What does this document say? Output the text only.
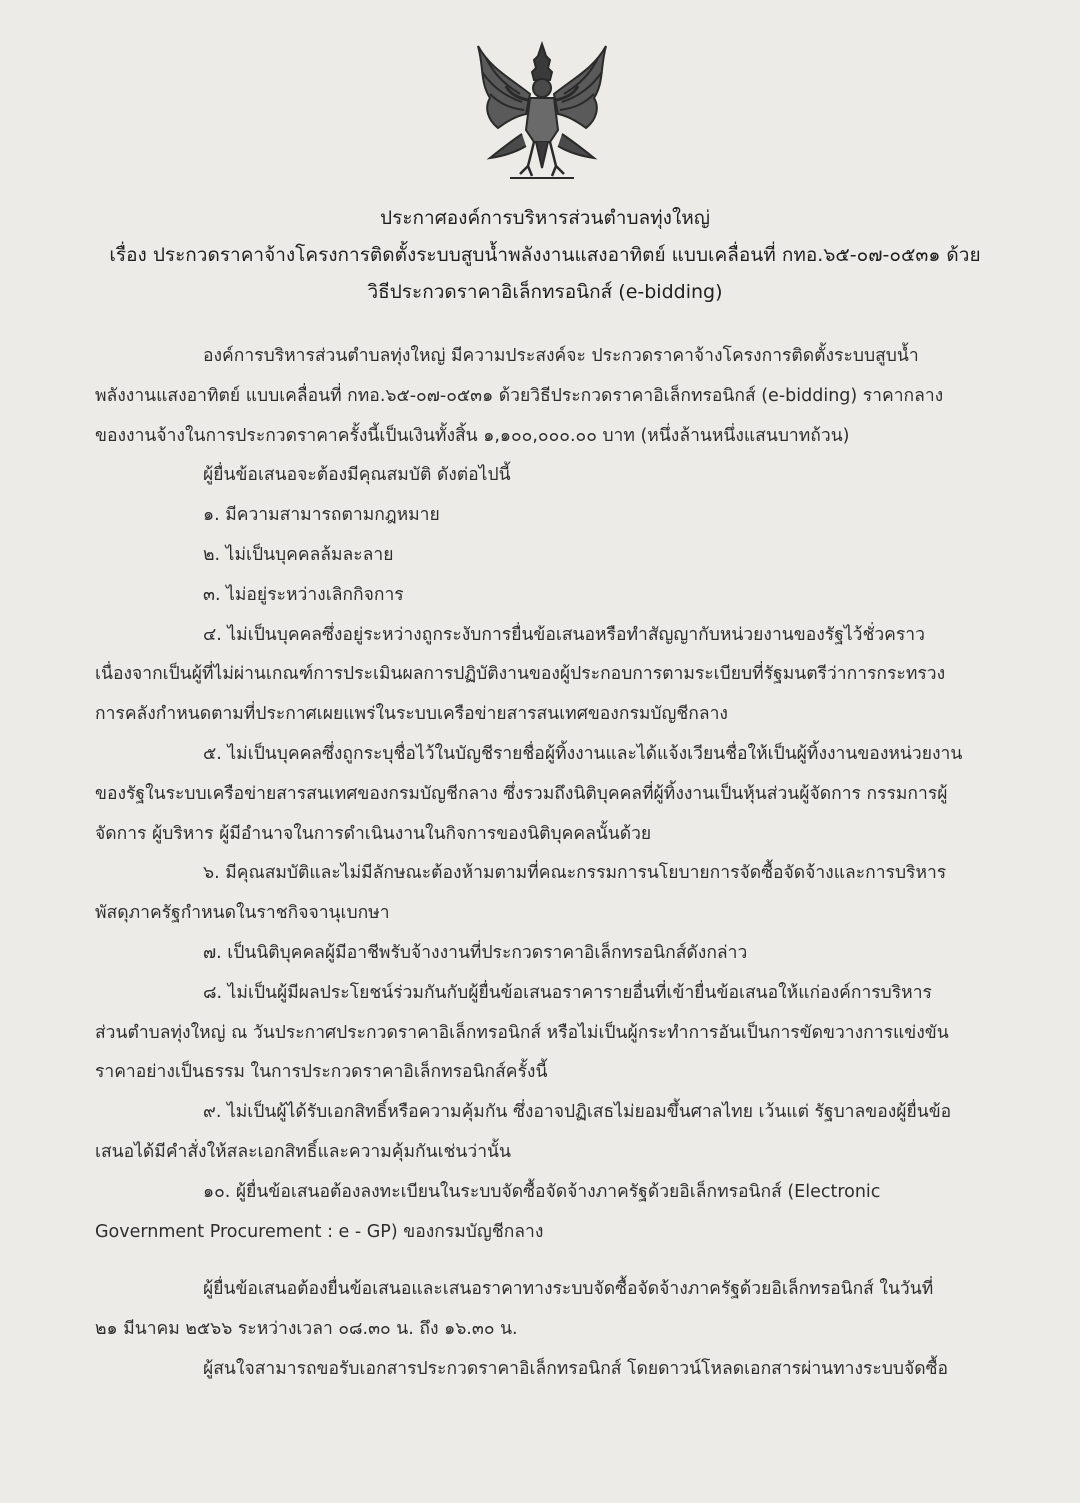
ประกาศองค์การบริหารส่วนตำบลทุ่งใหญ่
เรื่อง ประกวดราคาจ้างโครงการติดตั้งระบบสูบน้ำพลังงานแสงอาทิตย์ แบบเคลื่อนที่ กทอ.๖๕-๐๗-๐๕๓๑ ด้วย
วิธีประกวดราคาอิเล็กทรอนิกส์ (e-bidding)
องค์การบริหารส่วนตำบลทุ่งใหญ่ มีความประสงค์จะ ประกวดราคาจ้างโครงการติดตั้งระบบสูบน้ำ
พลังงานแสงอาทิตย์ แบบเคลื่อนที่ กทอ.๖๕-๐๗-๐๕๓๑ ด้วยวิธีประกวดราคาอิเล็กทรอนิกส์ (e-bidding) ราคากลาง
ของงานจ้างในการประกวดราคาครั้งนี้เป็นเงินทั้งสิ้น ๑,๑๐๐,๐๐๐.๐๐ บาท (หนึ่งล้านหนึ่งแสนบาทถ้วน)
ผู้ยื่นข้อเสนอจะต้องมีคุณสมบัติ ดังต่อไปนี้
๑. มีความสามารถตามกฎหมาย
๒. ไม่เป็นบุคคลล้มละลาย
๓. ไม่อยู่ระหว่างเลิกกิจการ
๔. ไม่เป็นบุคคลซึ่งอยู่ระหว่างถูกระงับการยื่นข้อเสนอหรือทำสัญญากับหน่วยงานของรัฐไว้ชั่วคราว
เนื่องจากเป็นผู้ที่ไม่ผ่านเกณฑ์การประเมินผลการปฏิบัติงานของผู้ประกอบการตามระเบียบที่รัฐมนตรีว่าการกระทรวง
การคลังกำหนดตามที่ประกาศเผยแพร่ในระบบเครือข่ายสารสนเทศของกรมบัญชีกลาง
๕. ไม่เป็นบุคคลซึ่งถูกระบุชื่อไว้ในบัญชีรายชื่อผู้ทิ้งงานและได้แจ้งเวียนชื่อให้เป็นผู้ทิ้งงานของหน่วยงาน
ของรัฐในระบบเครือข่ายสารสนเทศของกรมบัญชีกลาง ซึ่งรวมถึงนิติบุคคลที่ผู้ทิ้งงานเป็นหุ้นส่วนผู้จัดการ กรรมการผู้
จัดการ ผู้บริหาร ผู้มีอำนาจในการดำเนินงานในกิจการของนิติบุคคลนั้นด้วย
๖. มีคุณสมบัติและไม่มีลักษณะต้องห้ามตามที่คณะกรรมการนโยบายการจัดซื้อจัดจ้างและการบริหาร
พัสดุภาครัฐกำหนดในราชกิจจานุเบกษา
๗. เป็นนิติบุคคลผู้มีอาชีพรับจ้างงานที่ประกวดราคาอิเล็กทรอนิกส์ดังกล่าว
๘. ไม่เป็นผู้มีผลประโยชน์ร่วมกันกับผู้ยื่นข้อเสนอราคารายอื่นที่เข้ายื่นข้อเสนอให้แก่องค์การบริหาร
ส่วนตำบลทุ่งใหญ่ ณ วันประกาศประกวดราคาอิเล็กทรอนิกส์ หรือไม่เป็นผู้กระทำการอันเป็นการขัดขวางการแข่งขัน
ราคาอย่างเป็นธรรม ในการประกวดราคาอิเล็กทรอนิกส์ครั้งนี้
๙. ไม่เป็นผู้ได้รับเอกสิทธิ์หรือความคุ้มกัน ซึ่งอาจปฏิเสธไม่ยอมขึ้นศาลไทย เว้นแต่ รัฐบาลของผู้ยื่นข้อ
เสนอได้มีคำสั่งให้สละเอกสิทธิ์และความคุ้มกันเช่นว่านั้น
๑๐. ผู้ยื่นข้อเสนอต้องลงทะเบียนในระบบจัดซื้อจัดจ้างภาครัฐด้วยอิเล็กทรอนิกส์ (Electronic
Government Procurement : e - GP) ของกรมบัญชีกลาง
ผู้ยื่นข้อเสนอต้องยื่นข้อเสนอและเสนอราคาทางระบบจัดซื้อจัดจ้างภาครัฐด้วยอิเล็กทรอนิกส์ ในวันที่
๒๑ มีนาคม ๒๕๖๖ ระหว่างเวลา ๐๘.๓๐ น. ถึง ๑๖.๓๐ น.
ผู้สนใจสามารถขอรับเอกสารประกวดราคาอิเล็กทรอนิกส์ โดยดาวน์โหลดเอกสารผ่านทางระบบจัดซื้อ
